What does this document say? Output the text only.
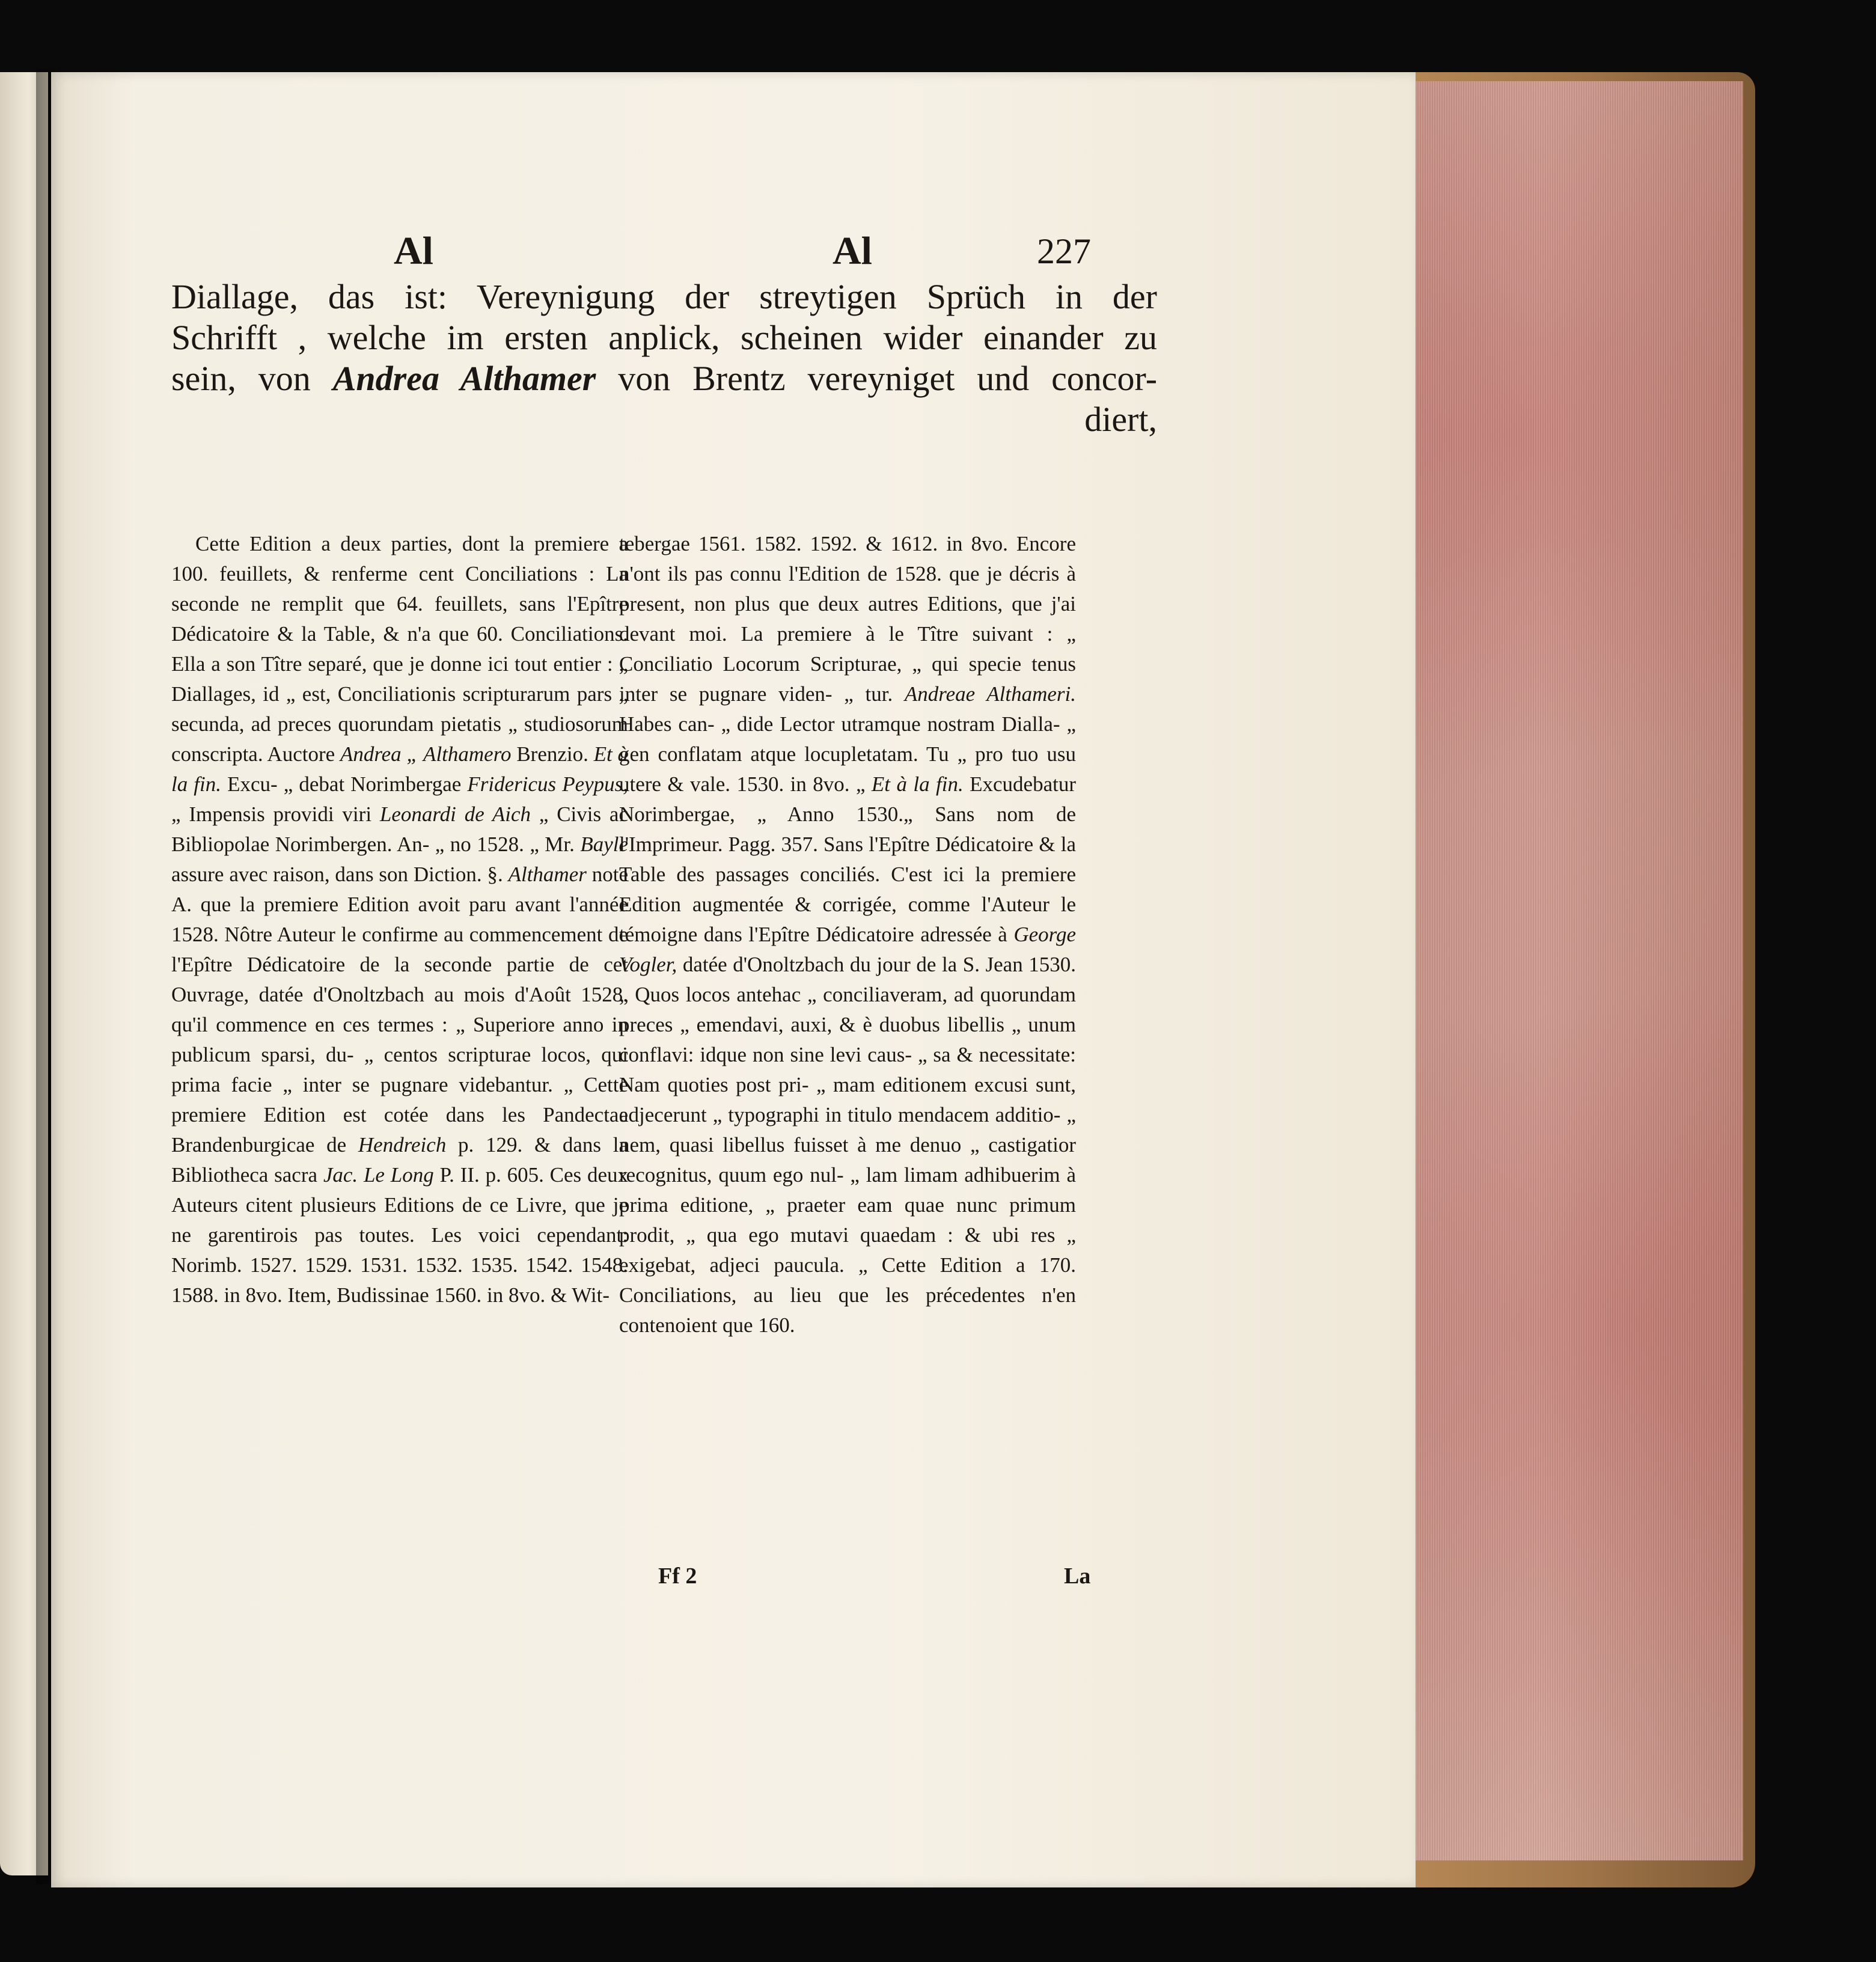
Al	Al	227
Diallage, das ist: Vereynigung der streytigen Sprüch in der
Schrifft , welche im ersten anplick, scheinen wider einander zu
sein, von Andrea Althamer von Brentz vereyniget und concor-
diert,

Cette Edition a deux parties, dont la premiere a 100. feuillets, & renferme cent Conciliations : La seconde ne remplit que 64. feuillets, sans l'Epître Dédicatoire & la Table, & n'a que 60. Conciliations. Ella a son Tître separé, que je donne ici tout entier : „ Diallages, id „ est, Conciliationis scripturarum pars „ secunda, ad preces quorundam pietatis „ studiosorum conscripta. Auctore Andrea „ Althamero Brenzio. Et à la fin. Excu- „ debat Norimbergae Fridericus Peypus, „ Impensis providi viri Leonardi de Aich „ Civis ac Bibliopolae Norimbergen. An- „ no 1528. „ Mr. Bayle assure avec raison, dans son Diction. §. Althamer note A. que la premiere Edition avoit paru avant l'année 1528. Nôtre Auteur le confirme au commencement de l'Epître Dédicatoire de la seconde partie de cet Ouvrage, datée d'Onoltzbach au mois d'Août 1528. qu'il commence en ces termes : „ Superiore anno in publicum sparsi, du- „ centos scripturae locos, qui prima facie „ inter se pugnare videbantur. „ Cette premiere Edition est cotée dans les Pandectae Brandenburgicae de Hendreich p. 129. & dans la Bibliotheca sacra Jac. Le Long P. II. p. 605. Ces deux Auteurs citent plusieurs Editions de ce Livre, que je ne garentirois pas toutes. Les voici cependant: Norimb. 1527. 1529. 1531. 1532. 1535. 1542. 1548. 1588. in 8vo. Item, Budissinae 1560. in 8vo. & Wit-

tebergae 1561. 1582. 1592. & 1612. in 8vo. Encore n'ont ils pas connu l'Edition de 1528. que je décris à present, non plus que deux autres Editions, que j'ai devant moi. La premiere à le Tître suivant : „ Conciliatio Locorum Scripturae, „ qui specie tenus inter se pugnare viden- „ tur. Andreae Althameri. Habes can- „ dide Lector utramque nostram Dialla- „ gen conflatam atque locupletatam. Tu „ pro tuo usu utere & vale. 1530. in 8vo. „ Et à la fin. Excudebatur Norimbergae, „ Anno 1530.„ Sans nom de l'Imprimeur. Pagg. 357. Sans l'Epître Dédicatoire & la Table des passages conciliés. C'est ici la premiere Edition augmentée & corrigée, comme l'Auteur le témoigne dans l'Epître Dédicatoire adressée à George Vogler, datée d'Onoltzbach du jour de la S. Jean 1530. „ Quos locos antehac „ conciliaveram, ad quorundam preces „ emendavi, auxi, & è duobus libellis „ unum conflavi: idque non sine levi caus- „ sa & necessitate: Nam quoties post pri- „ mam editionem excusi sunt, adjecerunt „ typographi in titulo mendacem additio- „ nem, quasi libellus fuisset à me denuo „ castigatior recognitus, quum ego nul- „ lam limam adhibuerim à prima editione, „ praeter eam quae nunc primum prodit, „ qua ego mutavi quaedam : & ubi res „ exigebat, adjeci paucula. „ Cette Edition a 170. Conciliations, au lieu que les précedentes n'en contenoient que 160.

Ff 2	La
